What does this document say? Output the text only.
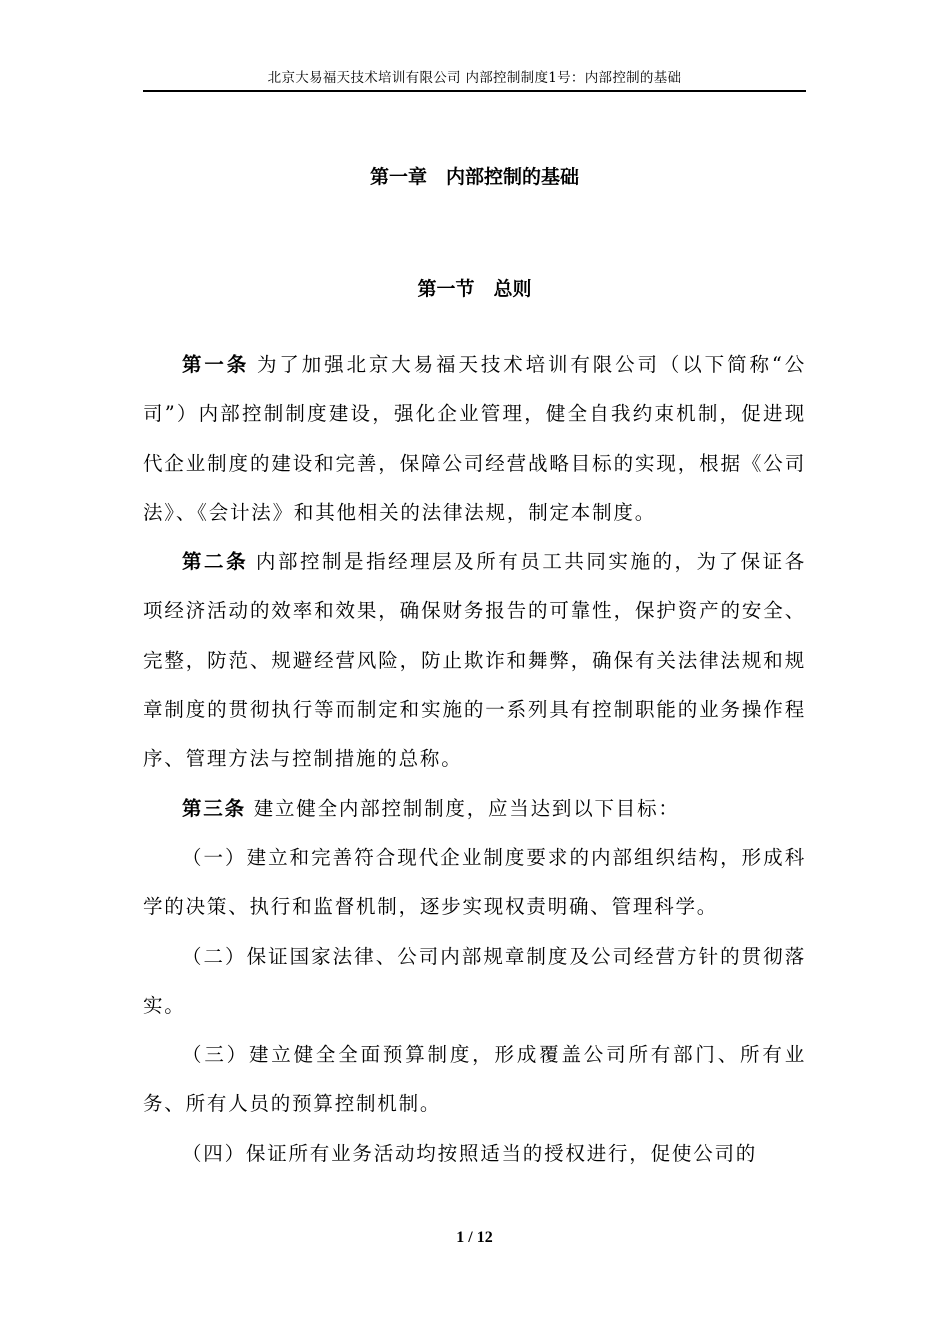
北京大易福天技术培训有限公司 内部控制制度1号：内部控制的基础
第一章　内部控制的基础
第一节　总则

第一条 为了加强北京大易福天技术培训有限公司（以下简称“公司”）内部控制制度建设，强化企业管理，健全自我约束机制，促进现代企业制度的建设和完善，保障公司经营战略目标的实现，根据《公司法》、《会计法》和其他相关的法律法规，制定本制度。

第二条 内部控制是指经理层及所有员工共同实施的，为了保证各项经济活动的效率和效果，确保财务报告的可靠性，保护资产的安全、完整，防范、规避经营风险，防止欺诈和舞弊，确保有关法律法规和规章制度的贯彻执行等而制定和实施的一系列具有控制职能的业务操作程序、管理方法与控制措施的总称。

第三条 建立健全内部控制制度，应当达到以下目标：

（一）建立和完善符合现代企业制度要求的内部组织结构，形成科学的决策、执行和监督机制，逐步实现权责明确、管理科学。

（二）保证国家法律、公司内部规章制度及公司经营方针的贯彻落实。

（三）建立健全全面预算制度，形成覆盖公司所有部门、所有业务、所有人员的预算控制机制。

（四）保证所有业务活动均按照适当的授权进行，促使公司的

1 / 12
